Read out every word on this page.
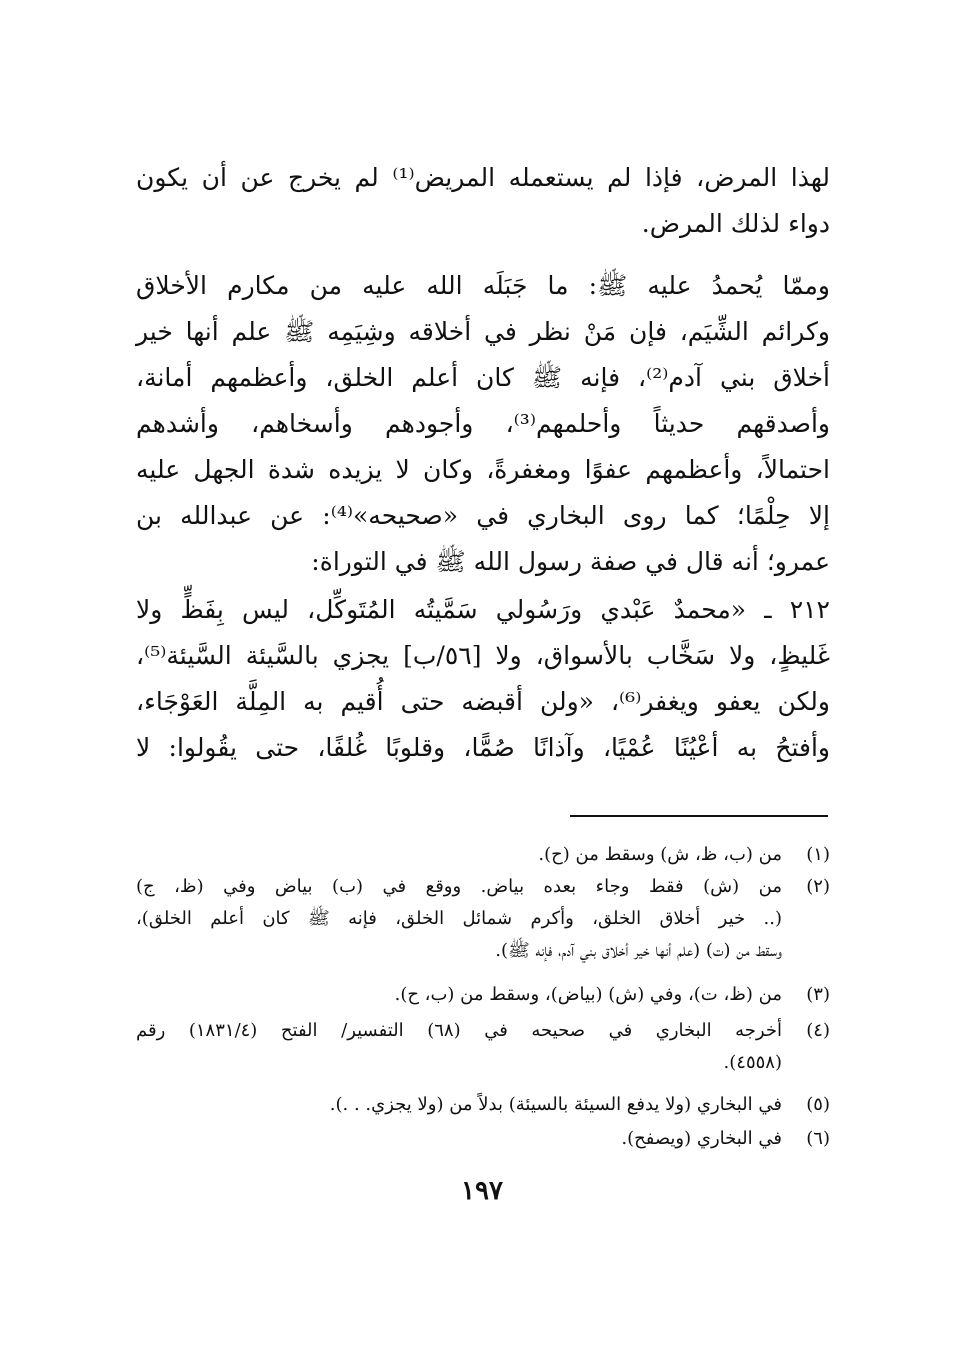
لهذا المرض، فإذا لم يستعمله المريض⁽¹⁾ لم يخرج عن أن يكون
دواء لذلك المرض.
وممّا يُحمدُ عليه ﷺ: ما جَبَلَه الله عليه من مكارم الأخلاق
وكرائم الشِّيَم، فإن مَنْ نظر في أخلاقه وشِيَمِه ﷺ علم أنها خير
أخلاق بني آدم⁽²⁾، فإنه ﷺ كان أعلم الخلق، وأعظمهم أمانة،
وأصدقهم حديثاً وأحلمهم⁽³⁾، وأجودهم وأسخاهم، وأشدهم
احتمالاً، وأعظمهم عفوًا ومغفرةً، وكان لا يزيده شدة الجهل عليه
إلا حِلْمًا؛ كما روى البخاري في «صحيحه»⁽⁴⁾: عن عبدالله بن
عمرو؛ أنه قال في صفة رسول الله ﷺ في التوراة:
٢١٢ ـ «محمدٌ عَبْدي ورَسُولي سَمَّيتُه المُتَوكِّل، ليس بِفَظٍّ ولا
غَليظٍ، ولا سَخَّاب بالأسواق، ولا [٥٦/ب] يجزي بالسَّيئة السَّيئة⁽⁵⁾،
ولكن يعفو ويغفر⁽⁶⁾، «ولن أقبضه حتى أُقيم به المِلَّة العَوْجَاء،
وأفتحُ به أعْيُنًا عُمْيًا، وآذانًا صُمًّا، وقلوبًا غُلفًا، حتى يقُولوا: لا
(١)
من (ب، ظ، ش) وسقط من (ح).
(٢)
من (ش) فقط وجاء بعده بياض. ووقع في (ب) بياض وفي (ظ، ج)
(.. خير أخلاق الخلق، وأكرم شمائل الخلق، فإنه ﷺ كان أعلم الخلق)،
وسقط من (ت) (علم أنها خير أخلاق بني آدم، فإنه ﷺ).
(٣)
من (ظ، ت)، وفي (ش) (بياض)، وسقط من (ب، ح).
(٤)
أخرجه البخاري في صحيحه في (٦٨) التفسير/ الفتح (١٨٣١/٤) رقم
(٤٥٥٨).
(٥)
في البخاري (ولا يدفع السيئة بالسيئة) بدلاً من (ولا يجزي. . .).
(٦)
في البخاري (ويصفح).
١٩٧
